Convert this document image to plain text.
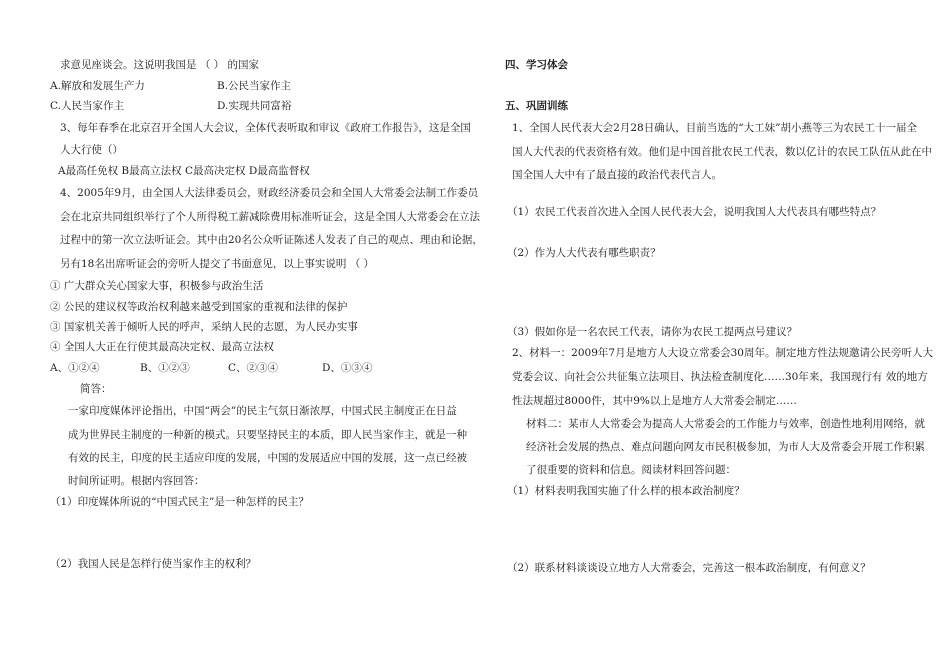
求意见座谈会。这说明我国是 （ ） 的国家
A.解放和发展生产力	B.公民当家作主
C.人民当家作主	D.实现共同富裕
3、每年春季在北京召开全国人大会议，全体代表听取和审议《政府工作报告》，这是全国
人大行使（）
A最高任免权 B最高立法权 C最高决定权 D最高监督权
4、2005年9月，由全国人大法律委员会，财政经济委员会和全国人大常委会法制工作委员
会在北京共同组织举行了个人所得税工薪减除费用标准听证会，这是全国人大常委会在立法
过程中的第一次立法听证会。其中由20名公众听证陈述人发表了自己的观点、理由和论据，
另有18名出席听证会的旁听人提交了书面意见，以上事实说明 （ ）
① 广大群众关心国家大事，积极参与政治生活
② 公民的建议权等政治权利越来越受到国家的重视和法律的保护
③ 国家机关善于倾听人民的呼声，采纳人民的志愿，为人民办实事
④ 全国人大正在行使其最高决定权、最高立法权
A、①②④	B、①②③	C、②③④	D、①③④
简答：
一家印度媒体评论指出，中国“两会”的民主气氛日渐浓厚，中国式民主制度正在日益
成为世界民主制度的一种新的模式。只要坚持民主的本质，即人民当家作主，就是一种
有效的民主，印度的民主适应印度的发展，中国的发展适应中国的发展，这一点已经被
时间所证明。根据内容回答：
（1）印度媒体所说的“中国式民主”是一种怎样的民主？
（2）我国人民是怎样行使当家作主的权利？
四、学习体会
五、巩固训练
1、全国人民代表大会2月28日确认，目前当选的“大工妹”胡小燕等三为农民工十一届全
国人大代表的代表资格有效。他们是中国首批农民工代表，数以亿计的农民工队伍从此在中
国全国人大中有了最直接的政治代表代言人。
（1）农民工代表首次进入全国人民代表大会，说明我国人大代表具有哪些特点？
（2）作为人大代表有哪些职责？
（3）假如你是一名农民工代表，请你为农民工提两点号建议？
2、材料一：2009年7月是地方人大设立常委会30周年。制定地方性法规邀请公民旁听人大
党委会议、向社会公共征集立法项目、执法检查制度化……30年来，我国现行有 效的地方
性法规超过8000件，其中9%以上是地方人大常委会制定……
材料二：某市人大常委会为提高人大常委会的工作能力与效率，创造性地利用网络，就
经济社会发展的热点、难点问题向网友市民积极参加，为市人大及常委会开展工作积累
了很重要的资料和信息。阅读材料回答问题：
（1）材料表明我国实施了什么样的根本政治制度？
（2）联系材料谈谈设立地方人大常委会，完善这一根本政治制度，有何意义？
